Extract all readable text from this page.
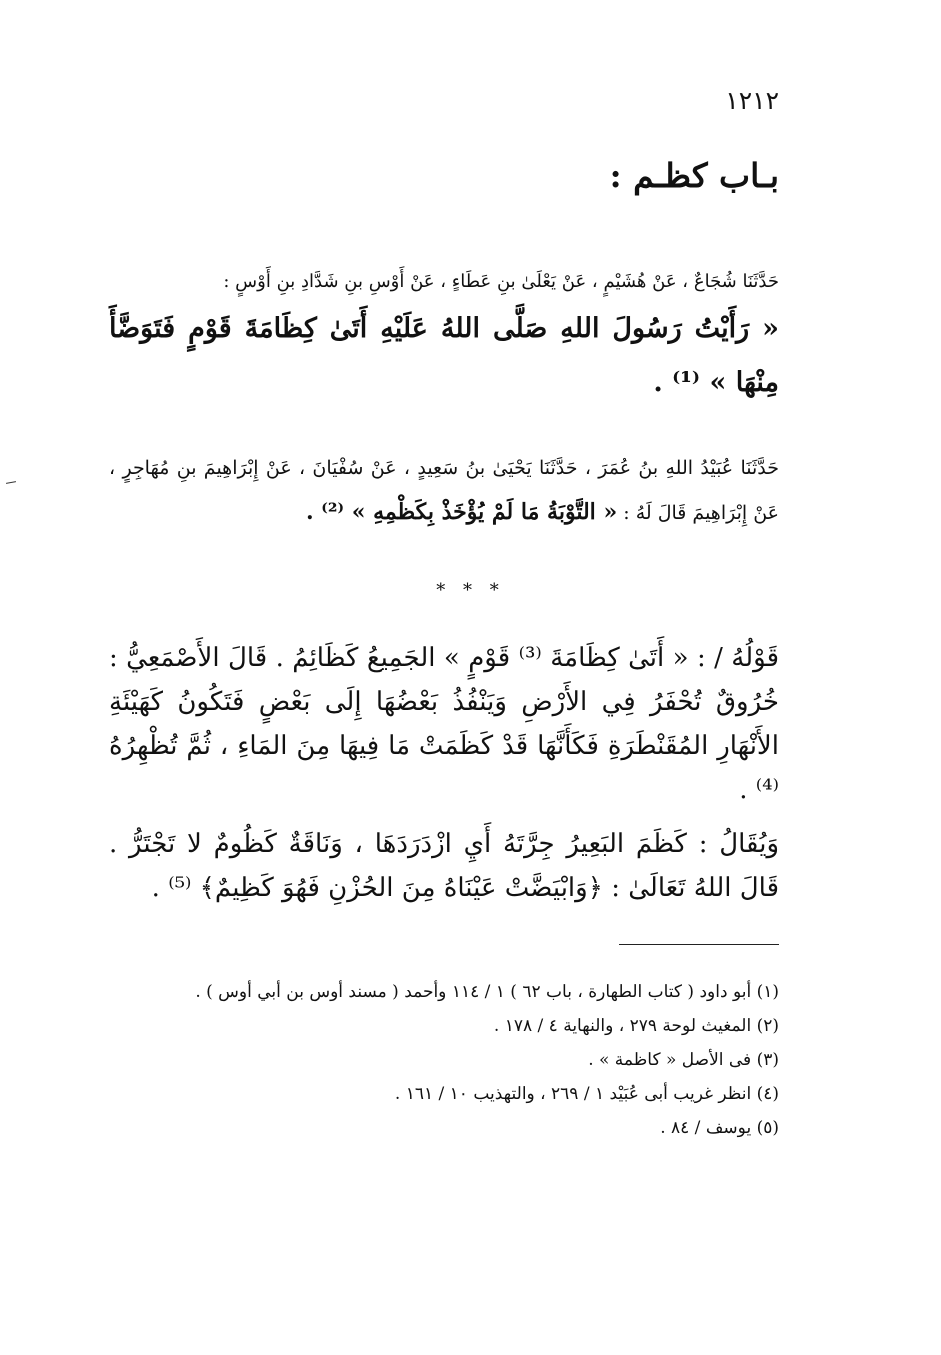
١٢١٢
بـاب كظـم :
حَدَّثَنَا شُجَاعٌ ، عَنْ هُشَيْمٍ ، عَنْ يَعْلَىٰ بنِ عَطَاءٍ ، عَنْ أَوْسِ بنِ شَدَّادِ بنِ أَوْسٍ :
« رَأَيْتُ رَسُولَ اللهِ صَلَّى اللهُ عَلَيْهِ أَتَىٰ كِظَامَةَ قَوْمٍ فَتَوَضَّأَ مِنْهَا » ⁽¹⁾ .
حَدَّثَنَا عُبَيْدُ اللهِ بنُ عُمَرَ ، حَدَّثَنَا يَحْيَىٰ بنُ سَعِيدٍ ، عَنْ سُفْيَانَ ، عَنْ إِبْرَاهِيمَ بنِ مُهَاجِرٍ ، عَنْ إِبْرَاهِيمَ قَالَ لَهُ : « التَّوْبَةُ مَا لَمْ يُؤْخَذْ بِكَظْمِهِ » ⁽²⁾ .
* * *

قَوْلُهُ / : « أَتَىٰ كِظَامَةَ ⁽³⁾ قَوْمٍ » الجَمِيعُ كَظَائِمُ . قَالَ الأَصْمَعِيُّ : خُرُوقٌ تُحْفَرُ فِي الأَرْضِ وَيَنْفُذُ بَعْضُهَا إِلَى بَعْضٍ فَتَكُونُ كَهَيْئَةِ الأَنْهَارِ المُقَنْطَرَةِ فَكَأَنَّهَا قَدْ كَظَمَتْ مَا فِيهَا مِنَ المَاءِ ، ثُمَّ تُظْهِرُهُ ⁽⁴⁾ .

وَيُقَالُ : كَظَمَ البَعِيرُ جِرَّتَهُ أَيِ ازْدَرَدَهَا ، وَنَاقَةٌ كَظُومٌ لا تَجْتَرُّ . قَالَ اللهُ تَعَالَىٰ : ﴿وَابْيَضَّتْ عَيْنَاهُ مِنَ الحُزْنِ فَهُوَ كَظِيمٌ﴾ ⁽⁵⁾ .

(١) أبو داود ( كتاب الطهارة ، باب ٦٢ ) ١ / ١١٤ وأحمد ( مسند أوس بن أبي أوس ) .
(٢) المغيث لوحة ٢٧٩ ، والنهاية ٤ / ١٧٨ .
(٣) فى الأصل « كاظمة » .
(٤) انظر غريب أبى عُبَيْد ١ / ٢٦٩ ، والتهذيب ١٠ / ١٦١ .
(٥) يوسف / ٨٤ .
